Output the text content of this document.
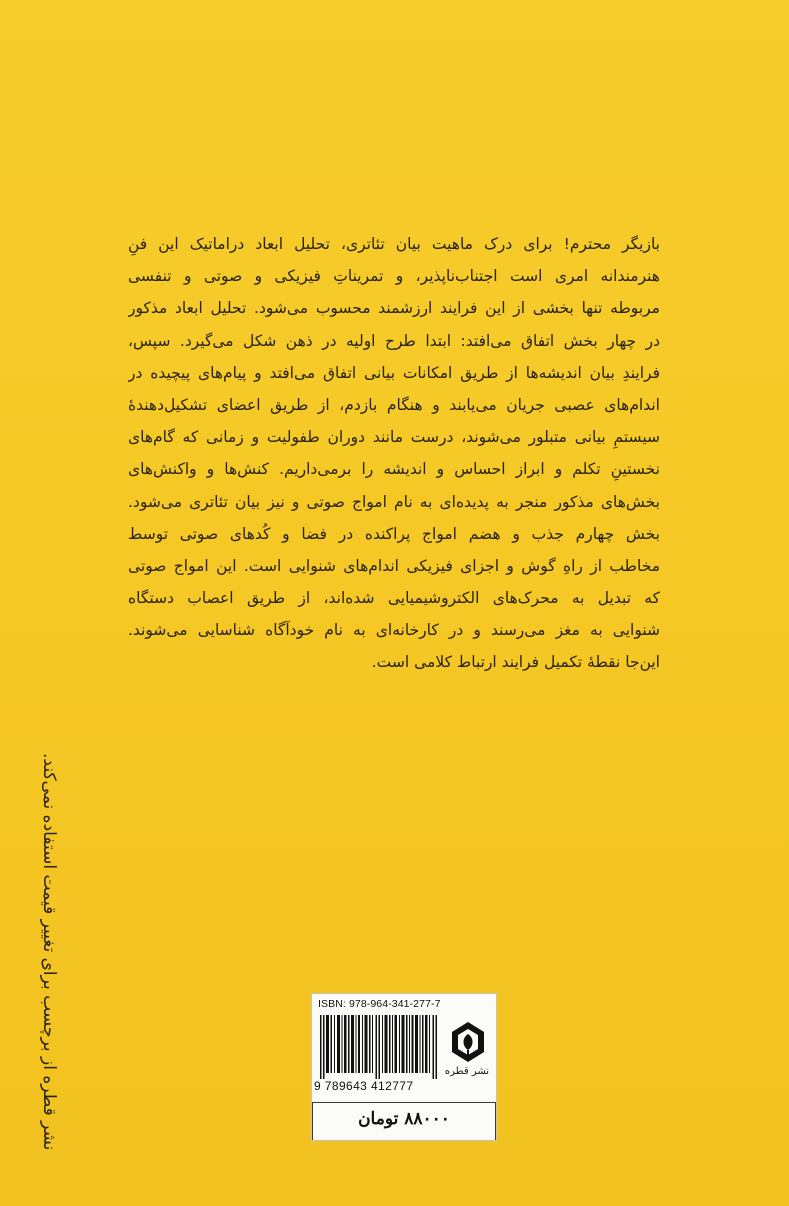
بازیگر محترم! برای درک ماهیت بیان تئاتری، تحلیل ابعاد دراماتیک این فنِ
هنرمندانه امری است اجتناب‌ناپذیر، و تمریناتِ فیزیکی و صوتی و تنفسی
مربوطه تنها بخشی از این فرایند ارزشمند محسوب می‌شود. تحلیل ابعاد مذکور
در چهار بخش اتفاق می‌افتد: ابتدا طرح اولیه در ذهن شکل می‌گیرد. سپس،
فرایندِ بیان اندیشه‌ها از طریق امکانات بیانی اتفاق می‌افتد و پیام‌های پیچیده در
اندام‌های عصبی جریان می‌یابند و هنگام بازدم، از طریق اعضای تشکیل‌دهندهٔ
سیستمِ بیانی متبلور می‌شوند، درست مانند دوران طفولیت و زمانی که گام‌های
نخستینِ تکلم و ابراز احساس و اندیشه را برمی‌داریم. کنش‌ها و واکنش‌های
بخش‌های مذکور منجر به پدیده‌ای به نام امواج صوتی و نیز بیان تئاتری می‌شود.
بخش چهارم جذب و هضم امواج پراکنده در فضا و کُدهای صوتی توسط
مخاطب از راهِ گوش و اجزای فیزیکی اندام‌های شنوایی است. این امواج صوتی
که تبدیل به محرک‌های الکتروشیمیایی شده‌اند، از طریق اعصاب دستگاه
شنوایی به مغز می‌رسند و در کارخانه‌ای به نام خودآگاه شناسایی می‌شوند.
این‌جا نقطهٔ تکمیل فرایند ارتباط کلامی است.
نشر قطره از برچسب برای تغییر قیمت استفاده نمی‌کند.	ISBN: 978-964-341-277-7
9 789643 412777
نشر قطره
۸۸۰۰۰ تومان
